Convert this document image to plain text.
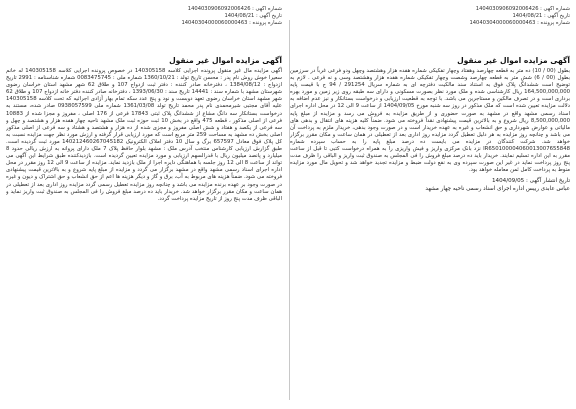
شماره آگهی : 1404030906092006426
تاریخ آگهی : 1404/08/21
شماره پرونده : 14040304000060000463
آگهی مزایده اموال غیر منقول
بطول (00 / 10) ده متر به قطعه چهارصد وهفتاد وچهار تفکیکی شماره هفده هزار وهشتصد وچهل ودو فرعی غرباً در سرزمین بطول (00 / 6) شش متر به قطعه چهارصد وشصت وچهار تفکیکی شماره هفده هزار وهشتصد وسی و نه فرعی . لازم به توضیح است ششدانگ پلاک فوق به استناد سند مالکیت دفترچه ای به شماره سریال 291254 / 94 ج با قیمت پایه 164,500,000,000 ریال کارشناسی شده و ملک مورد نظر بصورت مسکونی و دارای سه طبقه روی زیر زمین و مورد بهره برداری است و در تصرف مالکین و مستاجرین می باشد. با توجه به قطعیت ارزیابی و درخواست بستانکار و نیز عدم اضافه به دلالت مزایده تعیین شده است که ملک مذکور در روز سه شنبه مورخ 1404/09/05 از ساعت 9 الی 12 در محل اداره اجرای اسناد رسمی مشهد واقع در مشهد به صورت حضوری و از طریق مزایده به فروش می رسد و مزایده از مبلغ پایه 8,500,000,000 ریال شروع و به بالاترین قیمت پیشنهادی نقداً فروخته می شود. ضمناً کلیه هزینه های انتقال و بدهی های مالیاتی و عوارض شهرداری و حق انشعاب و غیره به عهده خریدار است و در صورت وجود بدهی، خریدار ملزم به پرداخت آن می باشد و چنانچه روز مزایده به هر دلیل تعطیل گردد مزایده روز اداری بعد از تعطیلی در همان ساعت و مکان مقرر برگزار خواهد شد. شرکت کنندگان در مزایده می بایست ده درصد مبلغ پایه را به حساب سپرده شماره IR650100004060013007655848 نزد بانک مرکزی واریز و فیش واریزی را به همراه درخواست کتبی تا قبل از ساعت مقرر به این اداره تسلیم نمایند. خریدار باید ده درصد مبلغ فروش را فی المجلس به صندوق ثبت واریز و الباقی را ظرف مدت پنج روز پرداخت نماید در غیر این صورت سپرده وی به نفع دولت ضبط و مزایده تجدید خواهد شد و تحویل مال مورد مزایده منوط به پرداخت کامل ثمن معامله خواهد بود.
تاریخ انتشار آگهی : 1404/09/05
عباس عابدی رییس اداره اجرای اسناد رسمی ناحیه چهار مشهد
شماره آگهی : 1404030906092006426
تاریخ آگهی : 1404/08/21
شماره پرونده : 14040304000060000463
آگهی مزایده اموال غیر منقول
آگهی مزایده مال غیر منقول پرونده اجرایی کلاسه 140305158 در خصوص پرونده اجرایی کلاسه 140305158 له خانم سعیرا خوش روش نام پدر : محسن تاریخ تولد : 1360/10/21 شماره ملی : 0083475745 شماره شناسنامه : 2991 تاریخ ازدواج : 1384/08/12 ، دفترخانه صادر کننده : دفتر ثبت ازدواج 107 و طلاق 62 شهر مشهد استان خراسان رضوی شهرستان مشهد با شماره سند : 14441 تاریخ سند : 1393/06/30 ، دفترخانه صادر کننده دفتر خانه ازدواج 107 و طلاق 62 شهر مشهد استان خراسان رضوی تعهد دوبست و نود و پنج عدد سکه تمام بهار آزادی اجرائیه که تحت کلاسه 140305158 علیه آقای مجتبی شیرمحمدی نام پدر محمد تاریخ تولد 1361/03/08 شماره ملی 0938057599 صادر شده، مستند به درخواست بستانکار سه دانگ مشاع از ششدانگ پلاک ثبتی 17843 فرعی از 176 اصلی ، مفروز و مجزا شده از 10883 فرعی از اصلی مذکور ، قطعه 475 واقع در بخش 10 ثبت حوزه ثبت ملک مشهد ناحیه چهار هفده هزار و هشتصد و چهل و سه فرعی از یکصد و هفتاد و شش اصلی مفروز و مجزی شده از ده هزار و هشتصد و هشتاد و سه فرعی از اصلی مذکور اصلی بخش ده مشهد به مساحت 259 متر مربع است که مورد ارزیابی قرار گرفته و ارزش مورد نظر جهت مزایده نسبت به کل پلاک فوق معادل 657597 برگ و سال 10 دفتر املاک الکترونیک 140212460267045182 مورد ثبت گردیده است. طبق گزارش ارزیابی کارشناس منتخب آدرس ملک : مشهد بلوار حافظ پلاک 7 ملک دارای پروانه به ارزش ریالی حدود 8 میلیارد و پانصد میلیون ریال با قدرالسهم ارزیابی و مورد مزایده تعیین گردیده است. بازدیدکننده طبق شرایط این آگهی می تواند از ساعت 8 الی 12 روز جلسه با هماهنگی دایره اجرا از ملک بازدید نماید. مزایده از ساعت 9 الی 12 روز مقرر در محل اداره اجرای اسناد رسمی مشهد واقع در مشهد برگزار می گردد و مزایده از مبلغ پایه شروع و به بالاترین قیمت پیشنهادی فروخته می شود. ضمناً هزینه های مربوط به آب، برق و گاز و دیگر هزینه ها اعم از حق انشعاب و حق اشتراک و دیون و غیره در صورت وجود بر عهده برنده مزایده می باشد و چنانچه روز مزایده تعطیل رسمی گردد مزایده روز اداری بعد از تعطیلی در همان ساعت و مکان مقرر برگزار خواهد شد. خریدار باید ده درصد مبلغ فروش را فی المجلس به صندوق ثبت واریز نماید و الباقی ظرف مدت پنج روز از تاریخ مزایده پرداخت گردد.
